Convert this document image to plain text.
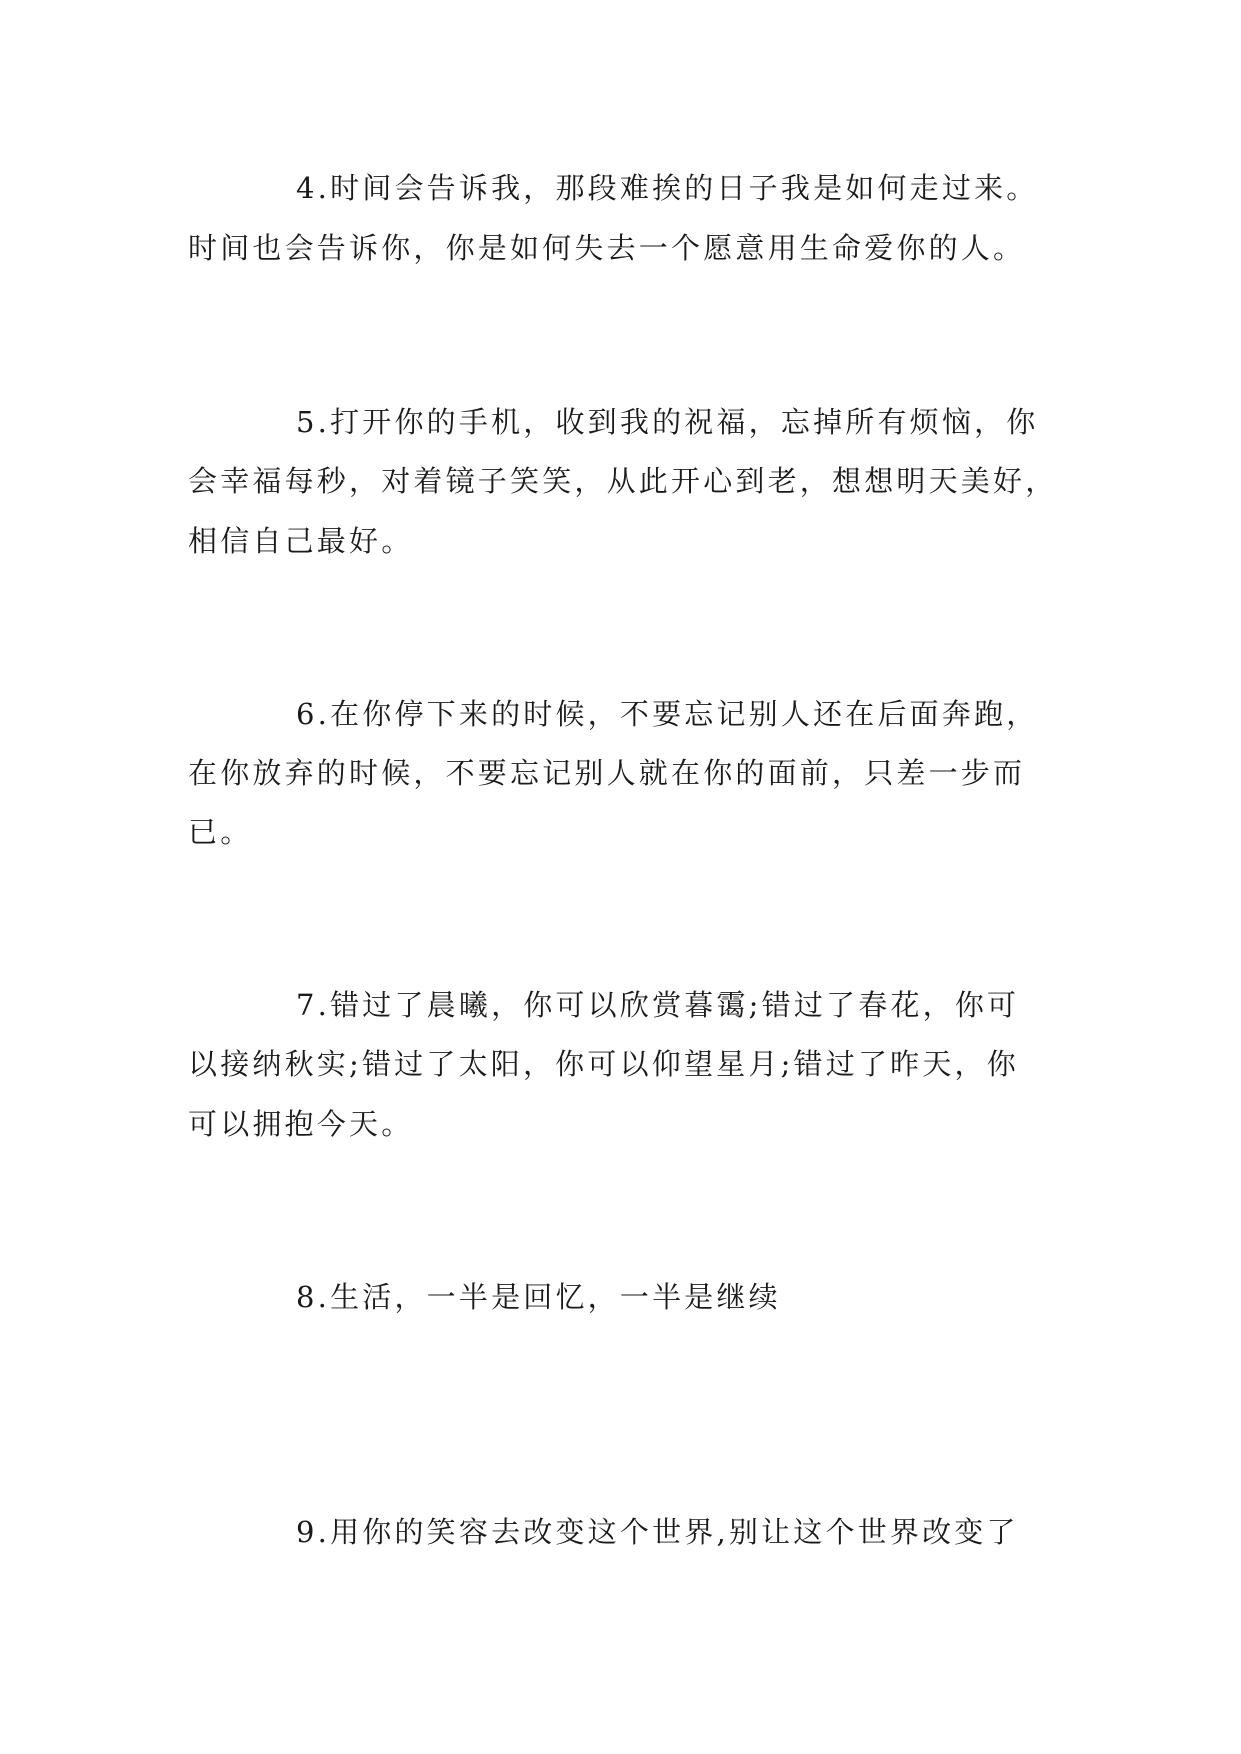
4.时间会告诉我，那段难挨的日子我是如何走过来。
时间也会告诉你，你是如何失去一个愿意用生命爱你的人。
5.打开你的手机，收到我的祝福，忘掉所有烦恼，你
会幸福每秒，对着镜子笑笑，从此开心到老，想想明天美好，
相信自己最好。
6.在你停下来的时候，不要忘记别人还在后面奔跑，
在你放弃的时候，不要忘记别人就在你的面前，只差一步而
已。
7.错过了晨曦，你可以欣赏暮霭;错过了春花，你可
以接纳秋实;错过了太阳，你可以仰望星月;错过了昨天，你
可以拥抱今天。
8.生活，一半是回忆，一半是继续
9.用你的笑容去改变这个世界,别让这个世界改变了
